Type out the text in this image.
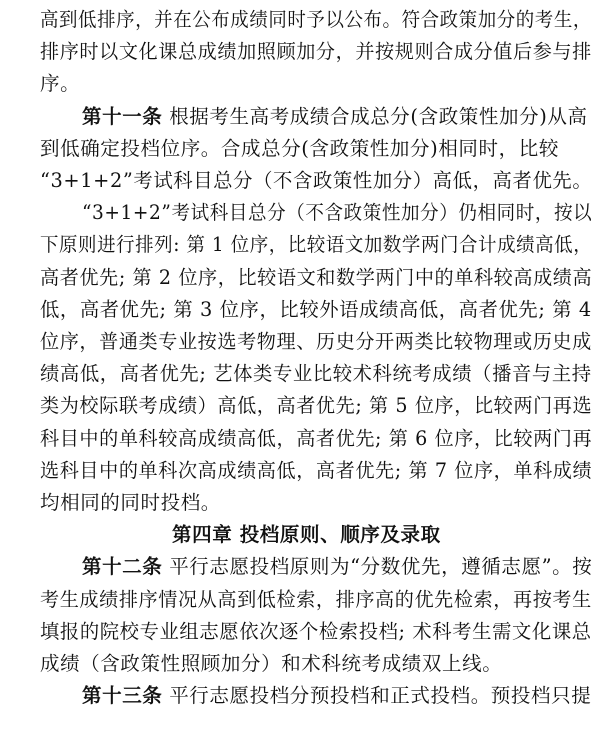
高到低排序，并在公布成绩同时予以公布。符合政策加分的考生，
排序时以文化课总成绩加照顾加分，并按规则合成分值后参与排
序。
第十一条 根据考生高考成绩合成总分(含政策性加分)从高
到低确定投档位序。合成总分(含政策性加分)相同时，比较
“3+1+2”考试科目总分（不含政策性加分）高低，高者优先。
“3+1+2”考试科目总分（不含政策性加分）仍相同时，按以
下原则进行排列: 第 1 位序，比较语文加数学两门合计成绩高低，
高者优先; 第 2 位序，比较语文和数学两门中的单科较高成绩高
低，高者优先; 第 3 位序，比较外语成绩高低，高者优先; 第 4
位序，普通类专业按选考物理、历史分开两类比较物理或历史成
绩高低，高者优先; 艺体类专业比较术科统考成绩（播音与主持
类为校际联考成绩）高低，高者优先; 第 5 位序，比较两门再选
科目中的单科较高成绩高低，高者优先; 第 6 位序，比较两门再
选科目中的单科次高成绩高低，高者优先; 第 7 位序，单科成绩
均相同的同时投档。
第四章 投档原则、顺序及录取
第十二条 平行志愿投档原则为“分数优先，遵循志愿”。按
考生成绩排序情况从高到低检索，排序高的优先检索，再按考生
填报的院校专业组志愿依次逐个检索投档; 术科考生需文化课总
成绩（含政策性照顾加分）和术科统考成绩双上线。
第十三条 平行志愿投档分预投档和正式投档。预投档只提
